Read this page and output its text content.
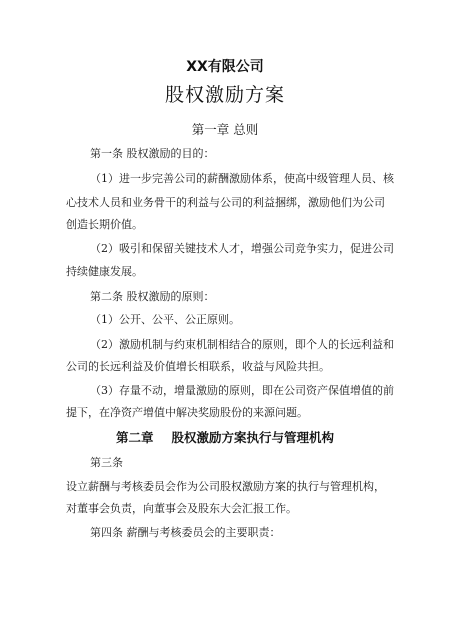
XX有限公司
股权激励方案
第一章 总则
第一条 股权激励的目的：
（1）进一步完善公司的薪酬激励体系，使高中级管理人员、核
心技术人员和业务骨干的利益与公司的利益捆绑，激励他们为公司
创造长期价值。
（2）吸引和保留关键技术人才，增强公司竞争实力，促进公司
持续健康发展。
第二条 股权激励的原则：
（1）公开、公平、公正原则。
（2）激励机制与约束机制相结合的原则，即个人的长远利益和
公司的长远利益及价值增长相联系，收益与风险共担。
（3）存量不动，增量激励的原则，即在公司资产保值增值的前
提下，在净资产增值中解决奖励股份的来源问题。
第二章 股权激励方案执行与管理机构
第三条
设立薪酬与考核委员会作为公司股权激励方案的执行与管理机构，
对董事会负责，向董事会及股东大会汇报工作。
第四条 薪酬与考核委员会的主要职责：
